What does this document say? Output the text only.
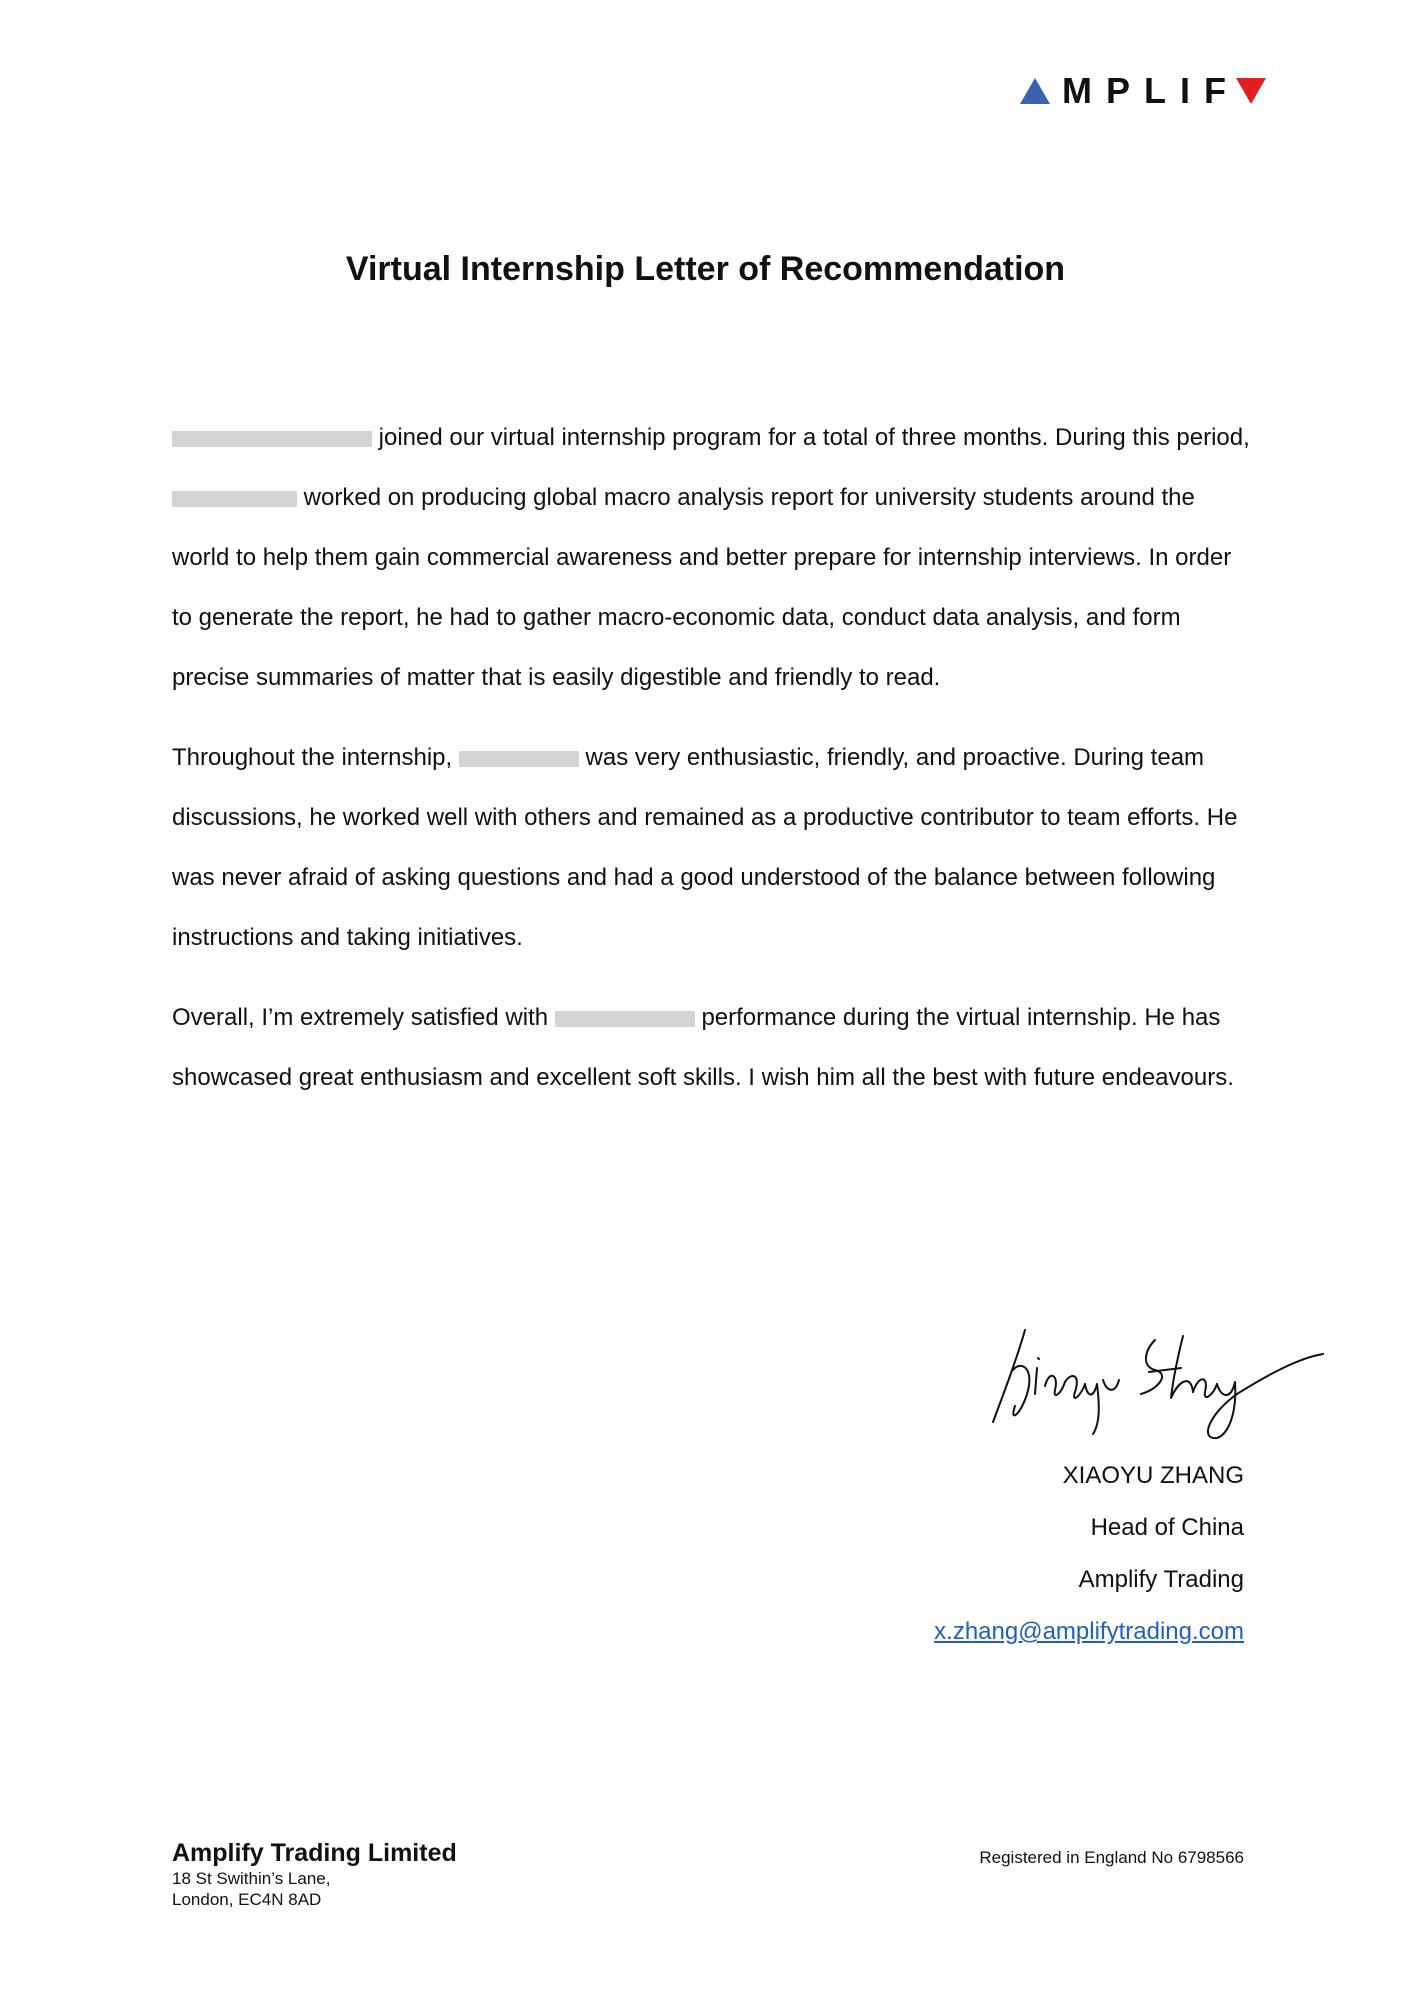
MPLIF
Virtual Internship Letter of Recommendation

joined our virtual internship program for a total of three months. During this period,  worked on producing global macro analysis report for university students around the world to help them gain commercial awareness and better prepare for internship interviews. In order to generate the report, he had to gather macro-economic data, conduct data analysis, and form precise summaries of matter that is easily digestible and friendly to read.

Throughout the internship,	was very enthusiastic, friendly, and proactive. During team discussions, he worked well with others and remained as a productive contributor to team efforts. He was never afraid of asking questions and had a good understood of the balance between following instructions and taking initiatives.

Overall, I’m extremely satisfied with	performance during the virtual internship. He has showcased great enthusiasm and excellent soft skills. I wish him all the best with future endeavours.

XIAOYU ZHANG
Head of China
Amplify Trading
x.zhang@amplifytrading.com
Amplify Trading Limited
18 St Swithin’s Lane,
London, EC4N 8AD
Registered in England No 6798566
